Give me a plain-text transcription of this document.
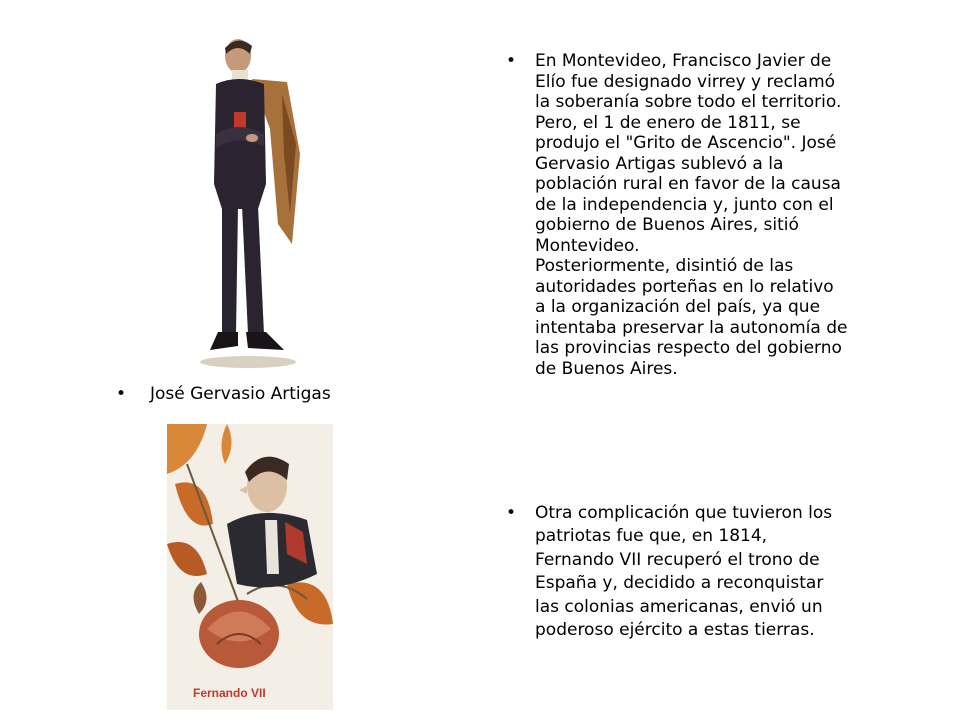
• José Gervasio Artigas
Fernando VII
• En Montevideo, Francisco Javier de
Elío fue designado virrey y reclamó
la soberanía sobre todo el territorio.
Pero, el 1 de enero de 1811, se
produjo el "Grito de Ascencio". José
Gervasio Artigas sublevó a la
población rural en favor de la causa
de la independencia y, junto con el
gobierno de Buenos Aires, sitió
Montevideo.
Posteriormente, disintió de las
autoridades porteñas en lo relativo
a la organización del país, ya que
intentaba preservar la autonomía de
las provincias respecto del gobierno
de Buenos Aires.
• Otra complicación que tuvieron los
patriotas fue que, en 1814,
Fernando VII recuperó el trono de
España y, decidido a reconquistar
las colonias americanas, envió un
poderoso ejército a estas tierras.
